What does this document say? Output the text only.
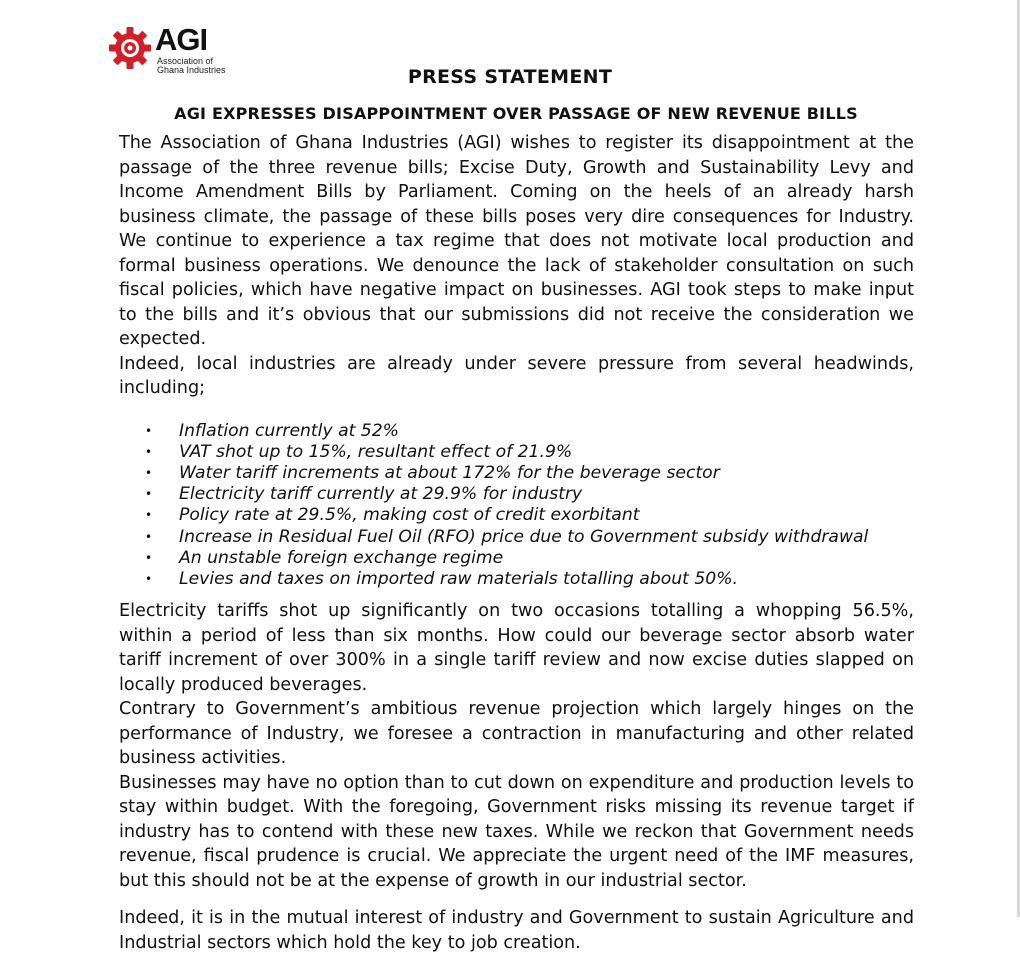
AGI
Association of
Ghana Industries	PRESS STATEMENT
AGI EXPRESSES DISAPPOINTMENT OVER PASSAGE OF NEW REVENUE BILLS

The Association of Ghana Industries (AGI) wishes to register its disappointment at the passage of the three revenue bills; Excise Duty, Growth and Sustainability Levy and Income Amendment Bills by Parliament. Coming on the heels of an already harsh business climate, the passage of these bills poses very dire consequences for Industry. We continue to experience a tax regime that does not motivate local production and formal business operations. We denounce the lack of stakeholder consultation on such fiscal policies, which have negative impact on businesses. AGI took steps to make input to the bills and it’s obvious that our submissions did not receive the consideration we expected.

Indeed, local industries are already under severe pressure from several headwinds, including;

• Inflation currently at 52%
• VAT shot up to 15%, resultant effect of 21.9%
• Water tariff increments at about 172% for the beverage sector
• Electricity tariff currently at 29.9% for industry
• Policy rate at 29.5%, making cost of credit exorbitant
• Increase in Residual Fuel Oil (RFO) price due to Government subsidy withdrawal
• An unstable foreign exchange regime
• Levies and taxes on imported raw materials totalling about 50%.

Electricity tariffs shot up significantly on two occasions totalling a whopping 56.5%, within a period of less than six months. How could our beverage sector absorb water tariff increment of over 300% in a single tariff review and now excise duties slapped on locally produced beverages.

Contrary to Government’s ambitious revenue projection which largely hinges on the performance of Industry, we foresee a contraction in manufacturing and other related business activities.

Businesses may have no option than to cut down on expenditure and production levels to stay within budget. With the foregoing, Government risks missing its revenue target if industry has to contend with these new taxes. While we reckon that Government needs revenue, fiscal prudence is crucial. We appreciate the urgent need of the IMF measures, but this should not be at the expense of growth in our industrial sector.

Indeed, it is in the mutual interest of industry and Government to sustain Agriculture and Industrial sectors which hold the key to job creation.
